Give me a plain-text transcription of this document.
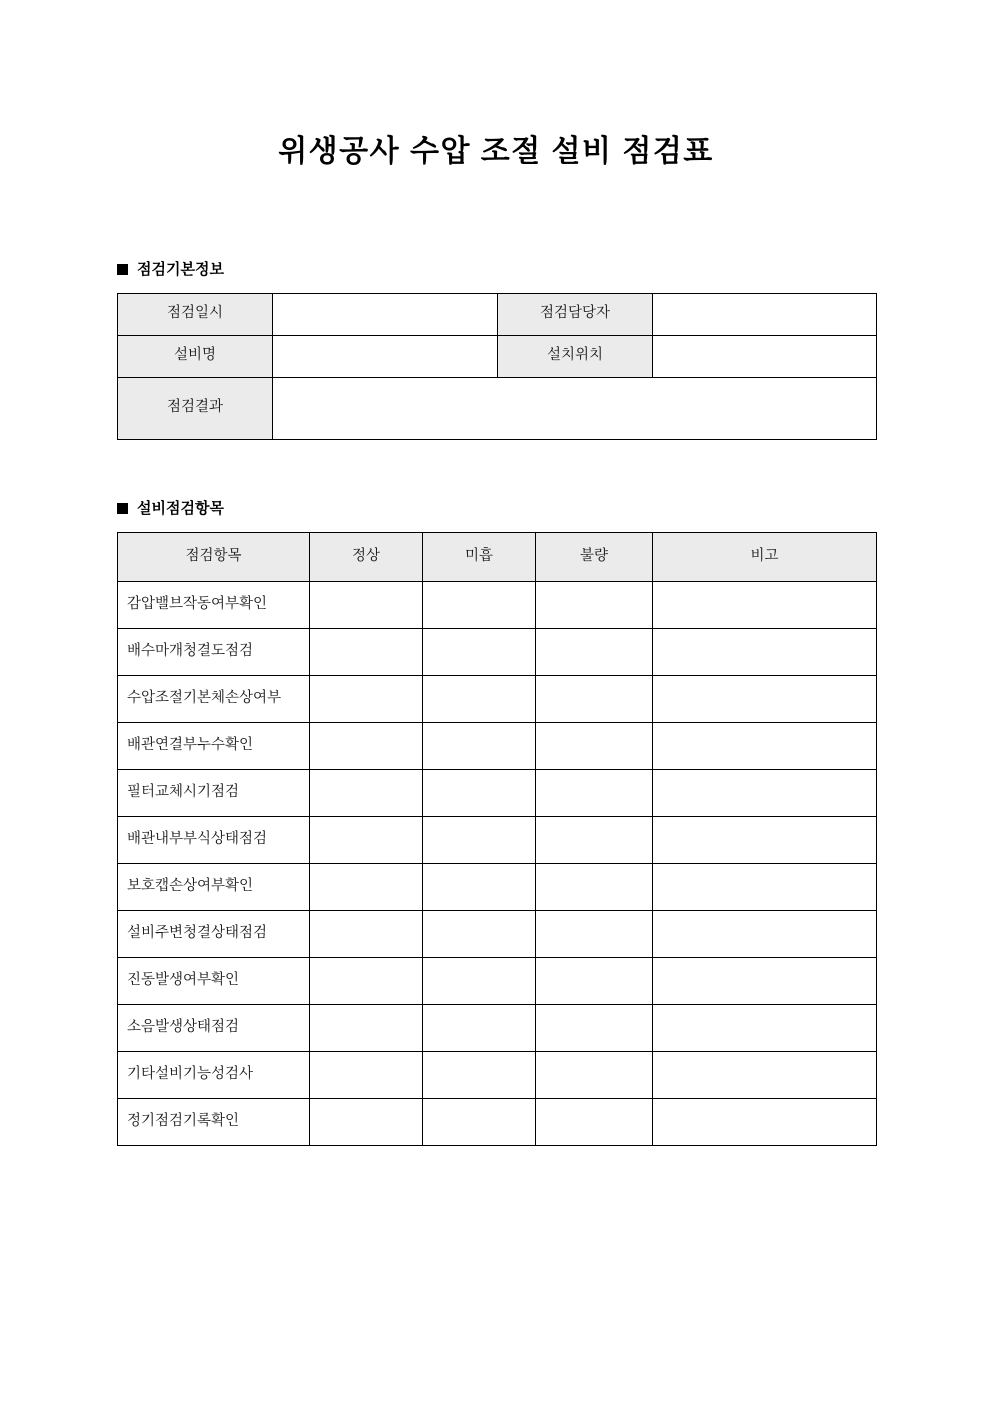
위생공사 수압 조절 설비 점검표
점검기본정보
점검일시		점검담당자	
설비명		설치위치	
점검결과			
설비점검항목
점검항목	정상	미흡	불량	비고
감압밸브작동여부확인				
배수마개청결도점검				
수압조절기본체손상여부				
배관연결부누수확인				
필터교체시기점검				
배관내부부식상태점검				
보호캡손상여부확인				
설비주변청결상태점검				
진동발생여부확인				
소음발생상태점검				
기타설비기능성검사				
정기점검기록확인				
